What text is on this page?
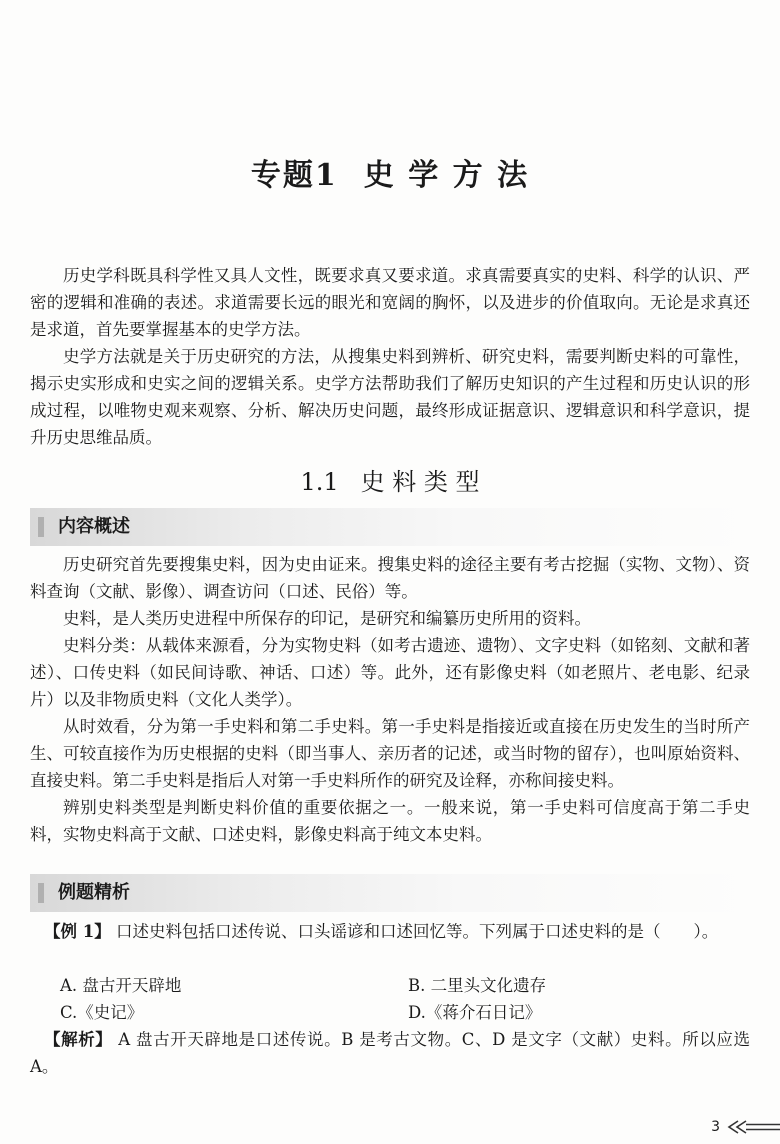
专题1 史 学 方 法

历史学科既具科学性又具人文性，既要求真又要求道。求真需要真实的史料、科学的认识、严密的逻辑和准确的表述。求道需要长远的眼光和宽阔的胸怀，以及进步的价值取向。无论是求真还是求道，首先要掌握基本的史学方法。

史学方法就是关于历史研究的方法，从搜集史料到辨析、研究史料，需要判断史料的可靠性，揭示史实形成和史实之间的逻辑关系。史学方法帮助我们了解历史知识的产生过程和历史认识的形成过程，以唯物史观来观察、分析、解决历史问题，最终形成证据意识、逻辑意识和科学意识，提升历史思维品质。

1.1 史 料 类 型
内容概述

历史研究首先要搜集史料，因为史由证来。搜集史料的途径主要有考古挖掘（实物、文物）、资料查询（文献、影像）、调查访问（口述、民俗）等。

史料，是人类历史进程中所保存的印记，是研究和编纂历史所用的资料。

史料分类：从载体来源看，分为实物史料（如考古遗迹、遗物）、文字史料（如铭刻、文献和著述）、口传史料（如民间诗歌、神话、口述）等。此外，还有影像史料（如老照片、老电影、纪录片）以及非物质史料（文化人类学）。

从时效看，分为第一手史料和第二手史料。第一手史料是指接近或直接在历史发生的当时所产生、可较直接作为历史根据的史料（即当事人、亲历者的记述，或当时物的留存），也叫原始资料、直接史料。第二手史料是指后人对第一手史料所作的研究及诠释，亦称间接史料。

辨别史料类型是判断史料价值的重要依据之一。一般来说，第一手史料可信度高于第二手史料，实物史料高于文献、口述史料，影像史料高于纯文本史料。

例题精析

【例 1】 口述史料包括口述传说、口头谣谚和口述回忆等。下列属于口述史料的是（　　）。

A. 盘古开天辟地	B. 二里头文化遗存
C.《史记》	D.《蒋介石日记》

【解析】 A 盘古开天辟地是口述传说。B 是考古文物。C、D 是文字（文献）史料。所以应选 A。

3
